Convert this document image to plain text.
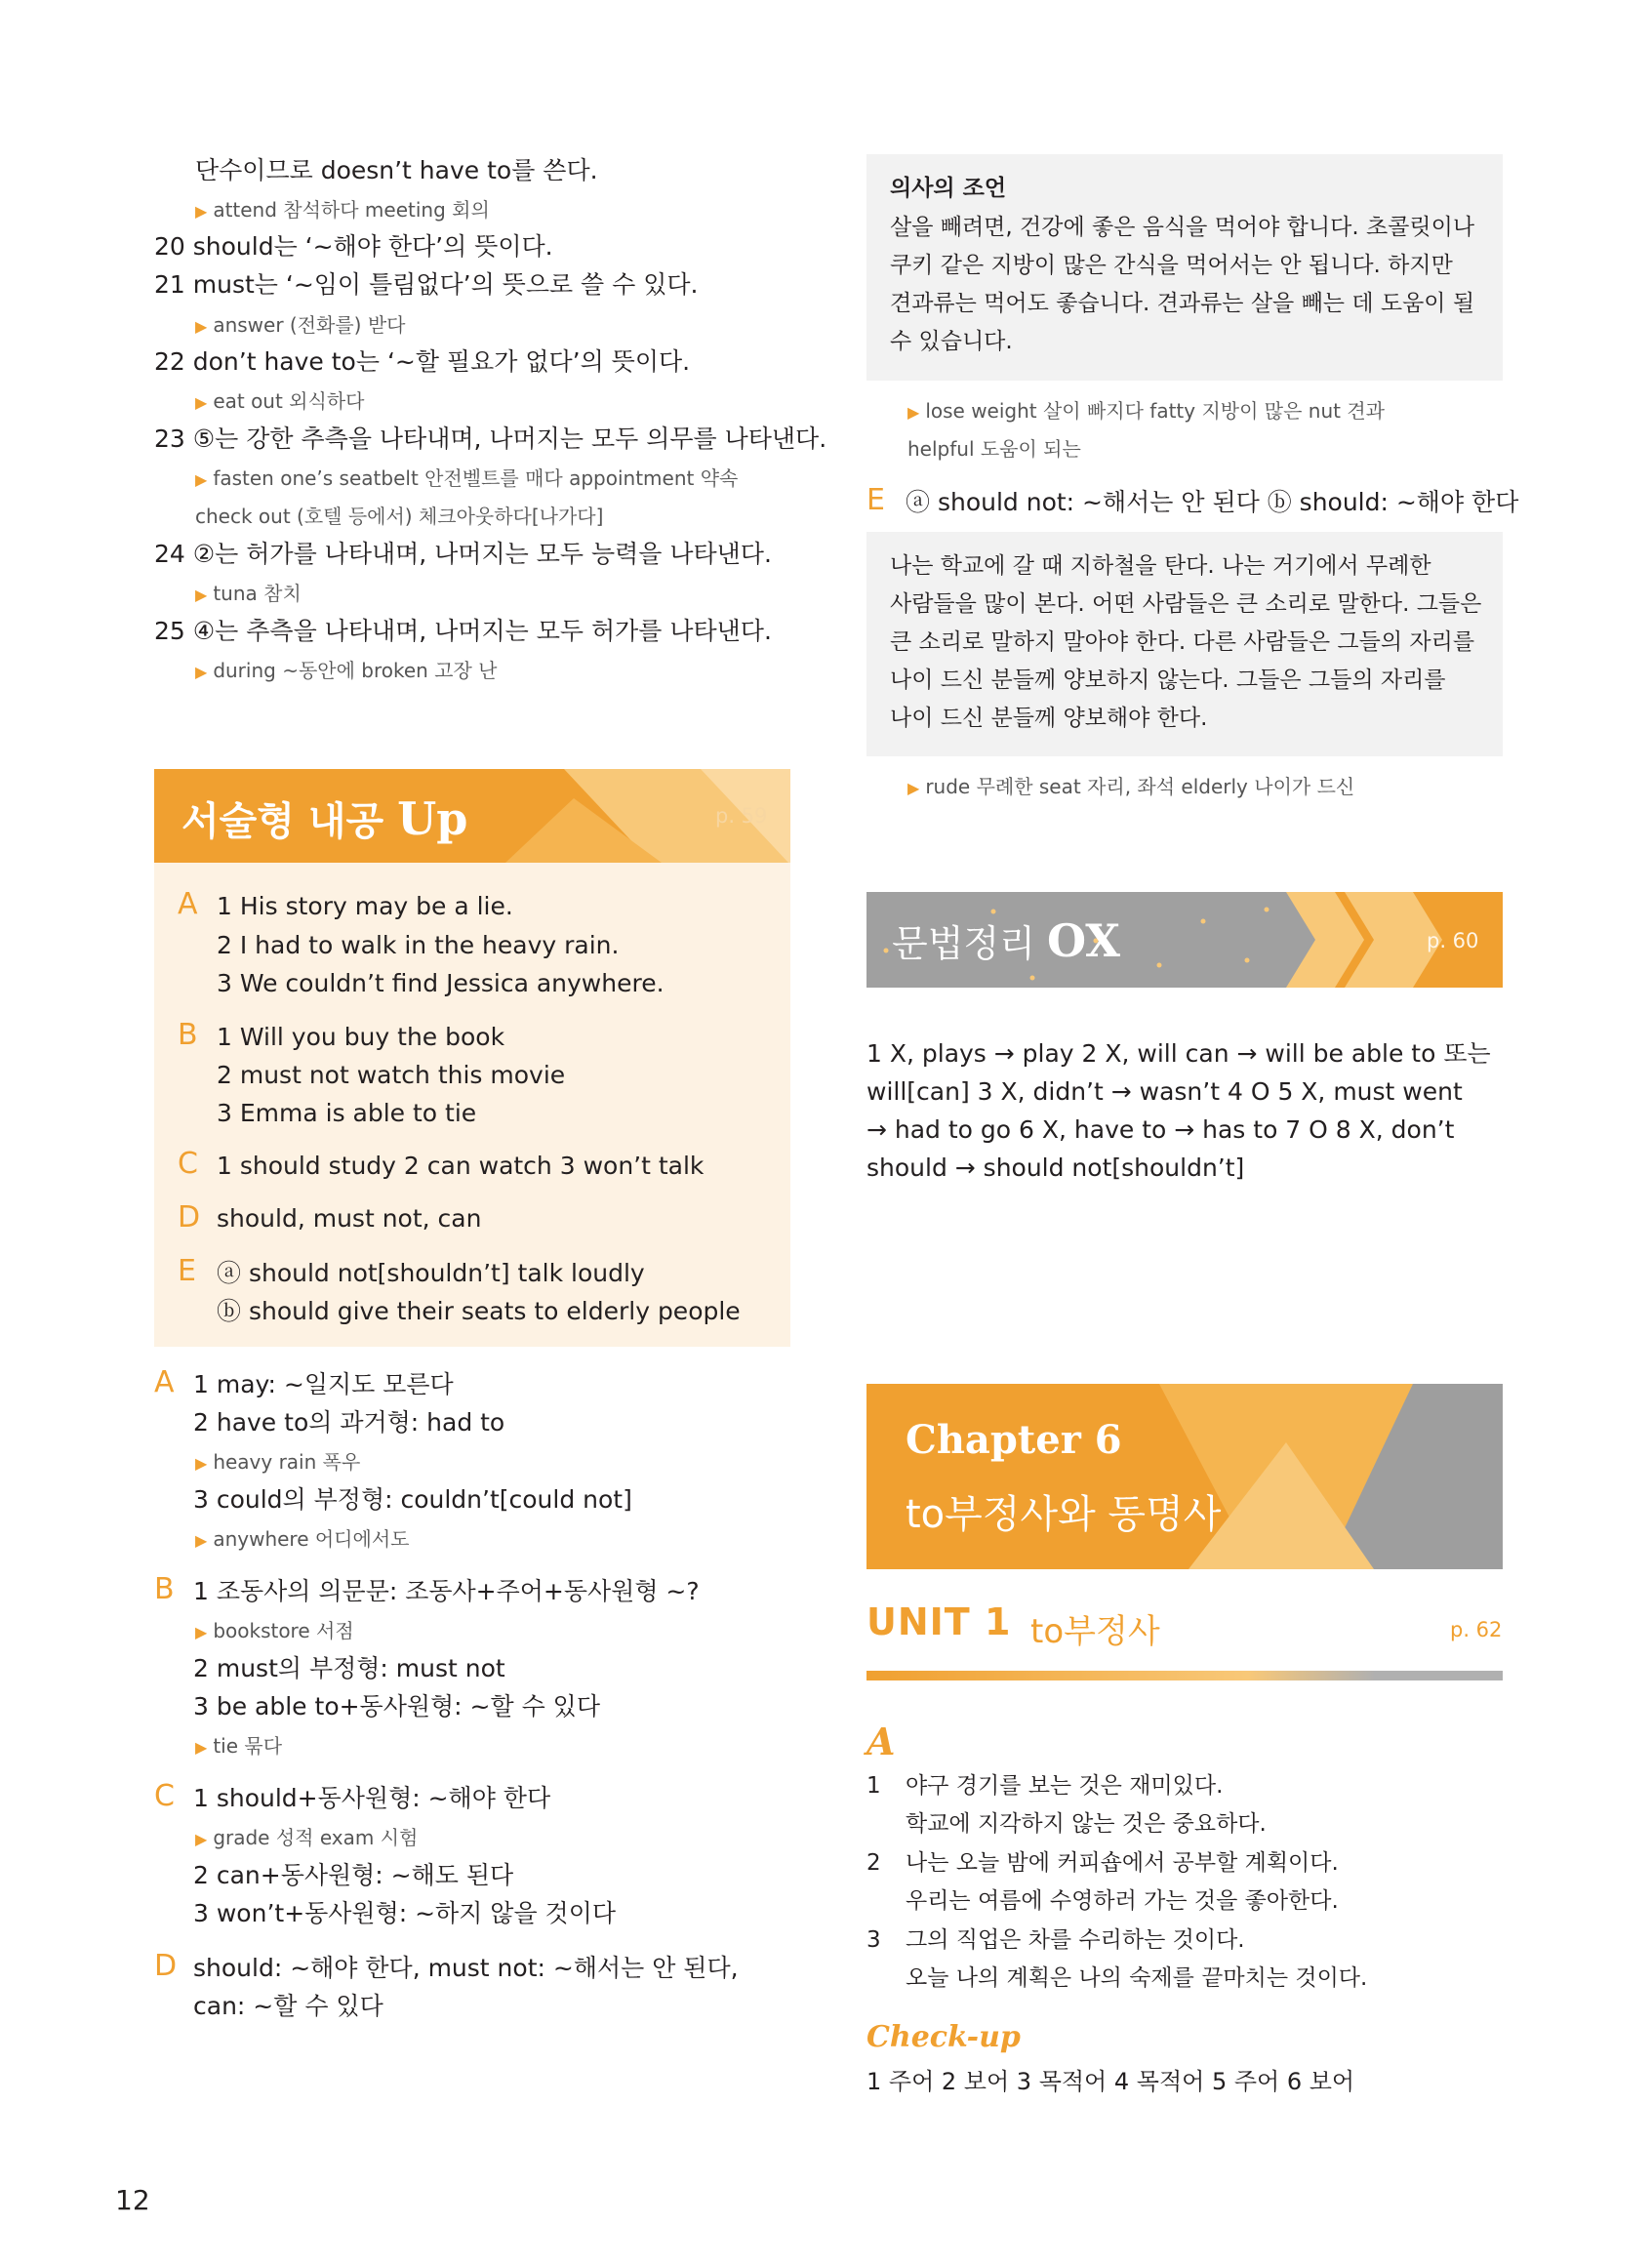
단수이므로 doesn’t have to를 쓴다.
▶ attend 참석하다 meeting 회의
20 should는 ‘~해야 한다’의 뜻이다.
21 must는 ‘~임이 틀림없다’의 뜻으로 쓸 수 있다.
▶ answer (전화를) 받다
22 don’t have to는 ‘~할 필요가 없다’의 뜻이다.
▶ eat out 외식하다
23 ⑤는 강한 추측을 나타내며, 나머지는 모두 의무를 나타낸다.
▶ fasten one’s seatbelt 안전벨트를 매다 appointment 약속
check out (호텔 등에서) 체크아웃하다[나가다]
24 ②는 허가를 나타내며, 나머지는 모두 능력을 나타낸다.
▶ tuna 참치
25 ④는 추측을 나타내며, 나머지는 모두 허가를 나타낸다.
▶ during ~동안에 broken 고장 난
서술형 내공 Up	p. 59
A 1 His story may be a lie.
2 I had to walk in the heavy rain.
3 We couldn’t find Jessica anywhere.
B 1 Will you buy the book
2 must not watch this movie
3 Emma is able to tie
C 1 should study 2 can watch 3 won’t talk
D should, must not, can
E ⓐ should not[shouldn’t] talk loudly
ⓑ should give their seats to elderly people
A 1 may: ~일지도 모른다
2 have to의 과거형: had to
▶ heavy rain 폭우
3 could의 부정형: couldn’t[could not]
▶ anywhere 어디에서도
B 1 조동사의 의문문: 조동사+주어+동사원형 ~?
▶ bookstore 서점
2 must의 부정형: must not
3 be able to+동사원형: ~할 수 있다
▶ tie 묶다
C 1 should+동사원형: ~해야 한다
▶ grade 성적 exam 시험
2 can+동사원형: ~해도 된다
3 won’t+동사원형: ~하지 않을 것이다
D should: ~해야 한다, must not: ~해서는 안 된다,
can: ~할 수 있다
12
의사의 조언
살을 빼려면, 건강에 좋은 음식을 먹어야 합니다. 초콜릿이나
쿠키 같은 지방이 많은 간식을 먹어서는 안 됩니다. 하지만
견과류는 먹어도 좋습니다. 견과류는 살을 빼는 데 도움이 될
수 있습니다.
▶ lose weight 살이 빠지다 fatty 지방이 많은 nut 견과
helpful 도움이 되는
E ⓐ should not: ~해서는 안 된다 ⓑ should: ~해야 한다
나는 학교에 갈 때 지하철을 탄다. 나는 거기에서 무례한
사람들을 많이 본다. 어떤 사람들은 큰 소리로 말한다. 그들은
큰 소리로 말하지 말아야 한다. 다른 사람들은 그들의 자리를
나이 드신 분들께 양보하지 않는다. 그들은 그들의 자리를
나이 드신 분들께 양보해야 한다.
▶ rude 무례한 seat 자리, 좌석 elderly 나이가 드신
문법정리 OX	p. 60
1 X, plays → play 2 X, will can → will be able to 또는
will[can] 3 X, didn’t → wasn’t 4 O 5 X, must went
→ had to go 6 X, have to → has to 7 O 8 X, don’t
should → should not[shouldn’t]
Chapter 6
to부정사와 동명사
UNIT 1 to부정사	p. 62
A
1 야구 경기를 보는 것은 재미있다.
학교에 지각하지 않는 것은 중요하다.
2 나는 오늘 밤에 커피숍에서 공부할 계획이다.
우리는 여름에 수영하러 가는 것을 좋아한다.
3 그의 직업은 차를 수리하는 것이다.
오늘 나의 계획은 나의 숙제를 끝마치는 것이다.
Check-up
1 주어 2 보어 3 목적어 4 목적어 5 주어 6 보어
